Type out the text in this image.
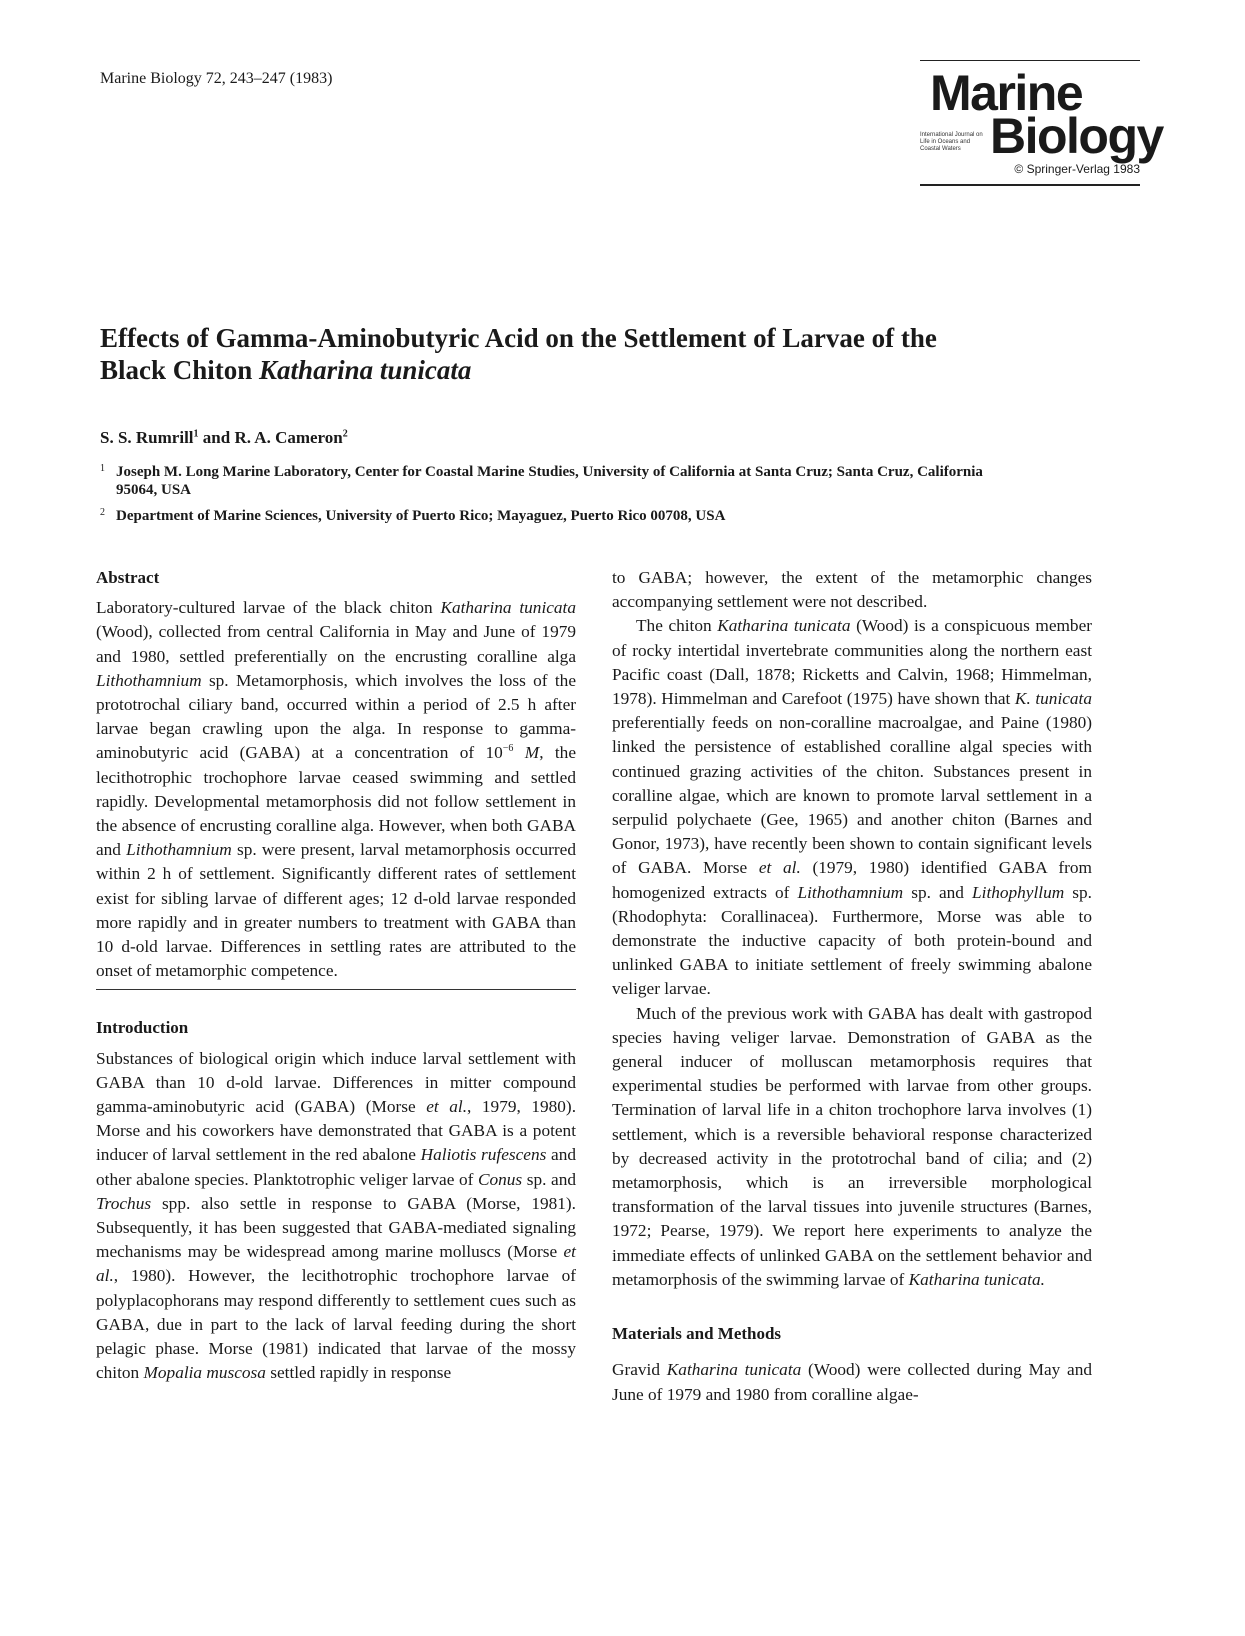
Marine Biology 72, 243–247 (1983)	Marine
International Journal on Life in Oceans and Coastal Waters Biology
© Springer-Verlag 1983
Effects of Gamma-Aminobutyric Acid on the Settlement of Larvae of the
Black Chiton Katharina tunicata
S. S. Rumrill$^1$ and R. A. Cameron$^2$
1 Joseph M. Long Marine Laboratory, Center for Coastal Marine Studies, University of California at Santa Cruz; Santa Cruz, California 95064, USA
2 Department of Marine Sciences, University of Puerto Rico; Mayaguez, Puerto Rico 00708, USA
Abstract

Laboratory-cultured larvae of the black chiton Katharina tunicata (Wood), collected from central California in May and June of 1979 and 1980, settled preferentially on the encrusting coralline alga Lithothamnium sp. Metamorphosis, which involves the loss of the prototrochal ciliary band, occurred within a period of 2.5 h after larvae began crawling upon the alga. In response to gamma-aminobutyric acid (GABA) at a concentration of $10^{-6}$ M, the lecithotrophic trochophore larvae ceased swimming and settled rapidly. Developmental metamorphosis did not follow settlement in the absence of encrusting coralline alga. However, when both GABA and Lithothamnium sp. were present, larval metamorphosis occurred within 2 h of settlement. Significantly different rates of settlement exist for sibling larvae of different ages; 12 d-old larvae responded more rapidly and in greater numbers to treatment with GABA than 10 d-old larvae. Differences in settling rates are attributed to the onset of metamorphic competence.

Introduction

Substances of biological origin which induce larval settlement with GABA than 10 d-old larvae. Differences in mitter compound gamma-aminobutyric acid (GABA) (Morse et al., 1979, 1980). Morse and his coworkers have demonstrated that GABA is a potent inducer of larval settlement in the red abalone Haliotis rufescens and other abalone species. Planktotrophic veliger larvae of Conus sp. and Trochus spp. also settle in response to GABA (Morse, 1981). Subsequently, it has been suggested that GABA-mediated signaling mechanisms may be widespread among marine molluscs (Morse et al., 1980). However, the lecithotrophic trochophore larvae of polyplacophorans may respond differently to settlement cues such as GABA, due in part to the lack of larval feeding during the short pelagic phase. Morse (1981) indicated that larvae of the mossy chiton Mopalia muscosa settled rapidly in response

to GABA; however, the extent of the metamorphic changes accompanying settlement were not described.

The chiton Katharina tunicata (Wood) is a conspicuous member of rocky intertidal invertebrate communities along the northern east Pacific coast (Dall, 1878; Ricketts and Calvin, 1968; Himmelman, 1978). Himmelman and Carefoot (1975) have shown that K. tunicata preferentially feeds on non-coralline macroalgae, and Paine (1980) linked the persistence of established coralline algal species with continued grazing activities of the chiton. Substances present in coralline algae, which are known to promote larval settlement in a serpulid polychaete (Gee, 1965) and another chiton (Barnes and Gonor, 1973), have recently been shown to contain significant levels of GABA. Morse et al. (1979, 1980) identified GABA from homogenized extracts of Lithothamnium sp. and Lithophyllum sp. (Rhodophyta: Corallinacea). Furthermore, Morse was able to demonstrate the inductive capacity of both protein-bound and unlinked GABA to initiate settlement of freely swimming abalone veliger larvae.

Much of the previous work with GABA has dealt with gastropod species having veliger larvae. Demonstration of GABA as the general inducer of molluscan metamorphosis requires that experimental studies be performed with larvae from other groups. Termination of larval life in a chiton trochophore larva involves (1) settlement, which is a reversible behavioral response characterized by decreased activity in the prototrochal band of cilia; and (2) metamorphosis, which is an irreversible morphological transformation of the larval tissues into juvenile structures (Barnes, 1972; Pearse, 1979). We report here experiments to analyze the immediate effects of unlinked GABA on the settlement behavior and metamorphosis of the swimming larvae of Katharina tunicata.

Materials and Methods

Gravid Katharina tunicata (Wood) were collected during May and June of 1979 and 1980 from coralline algae-
